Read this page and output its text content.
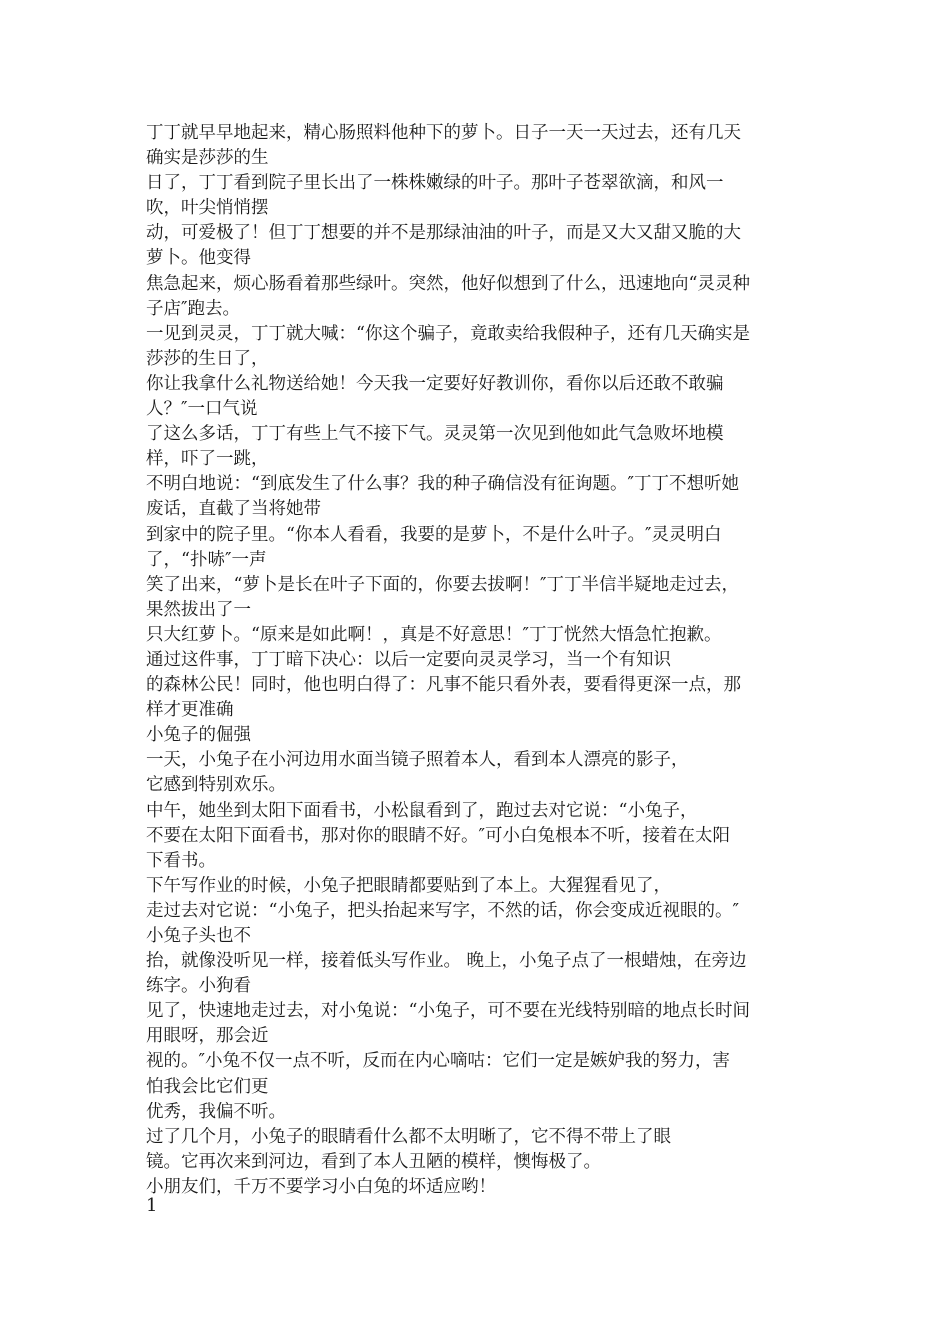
丁丁就早早地起来，精心肠照料他种下的萝卜。日子一天一天过去，还有几天
确实是莎莎的生
日了，丁丁看到院子里长出了一株株嫩绿的叶子。那叶子苍翠欲滴，和风一
吹，叶尖悄悄摆
动，可爱极了！但丁丁想要的并不是那绿油油的叶子，而是又大又甜又脆的大
萝卜。他变得
焦急起来，烦心肠看着那些绿叶。突然，他好似想到了什么，迅速地向“灵灵种
子店″跑去。
一见到灵灵，丁丁就大喊：“你这个骗子，竟敢卖给我假种子，还有几天确实是
莎莎的生日了，
你让我拿什么礼物送给她！今天我一定要好好教训你，看你以后还敢不敢骗
人？″一口气说
了这么多话，丁丁有些上气不接下气。灵灵第一次见到他如此气急败坏地模
样，吓了一跳，
不明白地说：“到底发生了什么事？我的种子确信没有征询题。″丁丁不想听她
废话，直截了当将她带
到家中的院子里。“你本人看看，我要的是萝卜，不是什么叶子。″灵灵明白
了，“扑哧″一声
笑了出来，“萝卜是长在叶子下面的，你要去拔啊！″丁丁半信半疑地走过去，
果然拔出了一
只大红萝卜。“原来是如此啊！，真是不好意思！″丁丁恍然大悟急忙抱歉。
通过这件事，丁丁暗下决心：以后一定要向灵灵学习，当一个有知识
的森林公民！同时，他也明白得了：凡事不能只看外表，要看得更深一点，那
样才更准确
小兔子的倔强
一天，小兔子在小河边用水面当镜子照着本人，看到本人漂亮的影子，
它感到特别欢乐。
中午，她坐到太阳下面看书，小松鼠看到了，跑过去对它说：“小兔子，
不要在太阳下面看书，那对你的眼睛不好。″可小白兔根本不听，接着在太阳
下看书。
下午写作业的时候，小兔子把眼睛都要贴到了本上。大猩猩看见了，
走过去对它说：“小兔子，把头抬起来写字，不然的话，你会变成近视眼的。″
小兔子头也不
抬，就像没听见一样，接着低头写作业。 晚上，小兔子点了一根蜡烛，在旁边
练字。小狗看
见了，快速地走过去，对小兔说：“小兔子，可不要在光线特别暗的地点长时间
用眼呀，那会近
视的。″小兔不仅一点不听，反而在内心嘀咕：它们一定是嫉妒我的努力，害
怕我会比它们更
优秀，我偏不听。
过了几个月，小兔子的眼睛看什么都不太明晰了，它不得不带上了眼
镜。它再次来到河边，看到了本人丑陋的模样，懊悔极了。
小朋友们，千万不要学习小白兔的坏适应哟！
1
